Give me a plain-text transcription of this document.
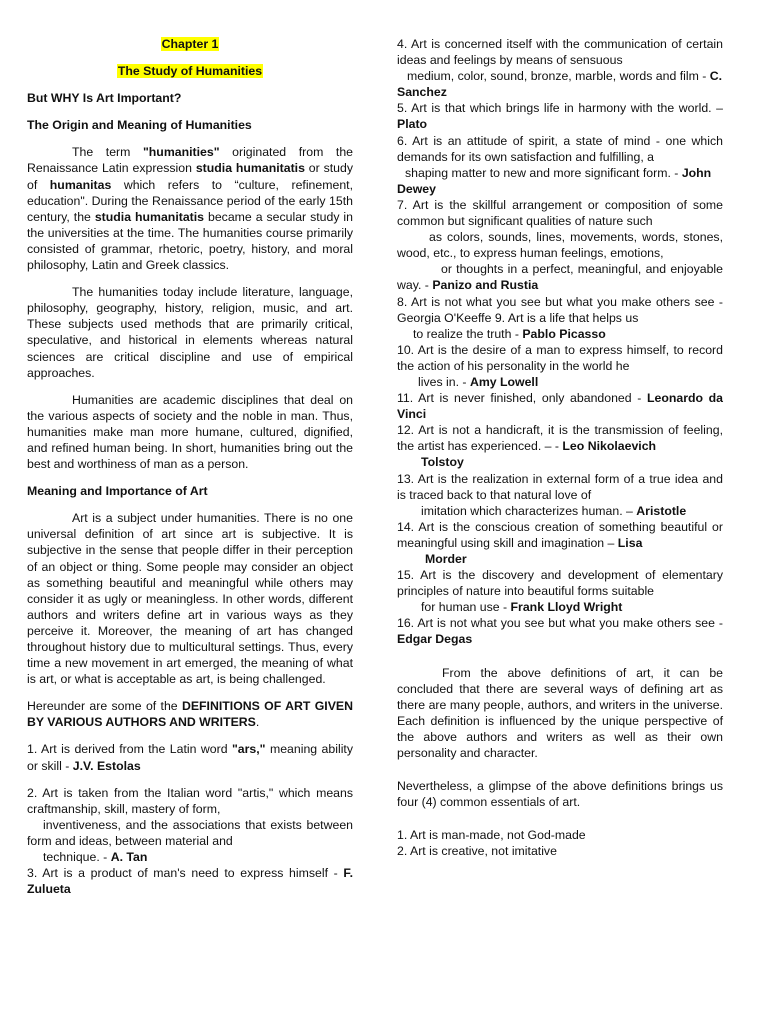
Chapter 1

The Study of Humanities

But WHY Is Art Important?

The Origin and Meaning of Humanities

The term "humanities" originated from the Renaissance Latin expression studia humanitatis or study of humanitas which refers to “culture, refinement, education". During the Renaissance period of the early 15th century, the studia humanitatis became a secular study in the universities at the time. The humanities course primarily consisted of grammar, rhetoric, poetry, history, and moral philosophy, Latin and Greek classics.

The humanities today include literature, language, philosophy, geography, history, religion, music, and art. These subjects used methods that are primarily critical, speculative, and historical in elements whereas natural sciences are critical discipline and use of empirical approaches.

Humanities are academic disciplines that deal on the various aspects of society and the noble in man. Thus, humanities make man more humane, cultured, dignified, and refined human being. In short, humanities bring out the best and worthiness of man as a person.

Meaning and Importance of Art

Art is a subject under humanities. There is no one universal definition of art since art is subjective. It is subjective in the sense that people differ in their perception of an object or thing. Some people may consider an object as something beautiful and meaningful while others may consider it as ugly or meaningless. In other words, different authors and writers define art in various ways as they perceive it. Moreover, the meaning of art has changed throughout history due to multicultural settings. Thus, every time a new movement in art emerged, the meaning of what is art, or what is acceptable as art, is being challenged.

Hereunder are some of the DEFINITIONS OF ART GIVEN BY VARIOUS AUTHORS AND WRITERS.

1. Art is derived from the Latin word "ars," meaning ability or skill - J.V. Estolas

2. Art is taken from the Italian word "artis," which means craftmanship, skill, mastery of form,

inventiveness, and the associations that exists between form and ideas, between material and

technique. - A. Tan

3. Art is a product of man's need to express himself - F. Zulueta

4. Art is concerned itself with the communication of certain ideas and feelings by means of sensuous

medium, color, sound, bronze, marble, words and film - C. Sanchez

5. Art is that which brings life in harmony with the world. – Plato

6. Art is an attitude of spirit, a state of mind - one which demands for its own satisfaction and fulfilling, a

shaping matter to new and more significant form. - John Dewey

7. Art is the skillful arrangement or composition of some common but significant qualities of nature such

as colors, sounds, lines, movements, words, stones, wood, etc., to express human feelings, emotions,

or thoughts in a perfect, meaningful, and enjoyable way. - Panizo and Rustia

8. Art is not what you see but what you make others see - Georgia O'Keeffe 9. Art is a life that helps us

to realize the truth - Pablo Picasso

10. Art is the desire of a man to express himself, to record the action of his personality in the world he

lives in. - Amy Lowell

11. Art is never finished, only abandoned - Leonardo da Vinci

12. Art is not a handicraft, it is the transmission of feeling, the artist has experienced. – - Leo Nikolaevich

Tolstoy

13. Art is the realization in external form of a true idea and is traced back to that natural love of

imitation which characterizes human. – Aristotle

14. Art is the conscious creation of something beautiful or meaningful using skill and imagination – Lisa

Morder

15. Art is the discovery and development of elementary principles of nature into beautiful forms suitable

for human use - Frank Lloyd Wright

16. Art is not what you see but what you make others see - Edgar Degas

From the above definitions of art, it can be concluded that there are several ways of defining art as there are many people, authors, and writers in the universe. Each definition is influenced by the unique perspective of the above authors and writers as well as their own personality and character.

Nevertheless, a glimpse of the above definitions brings us four (4) common essentials of art.

1. Art is man-made, not God-made

2. Art is creative, not imitative
